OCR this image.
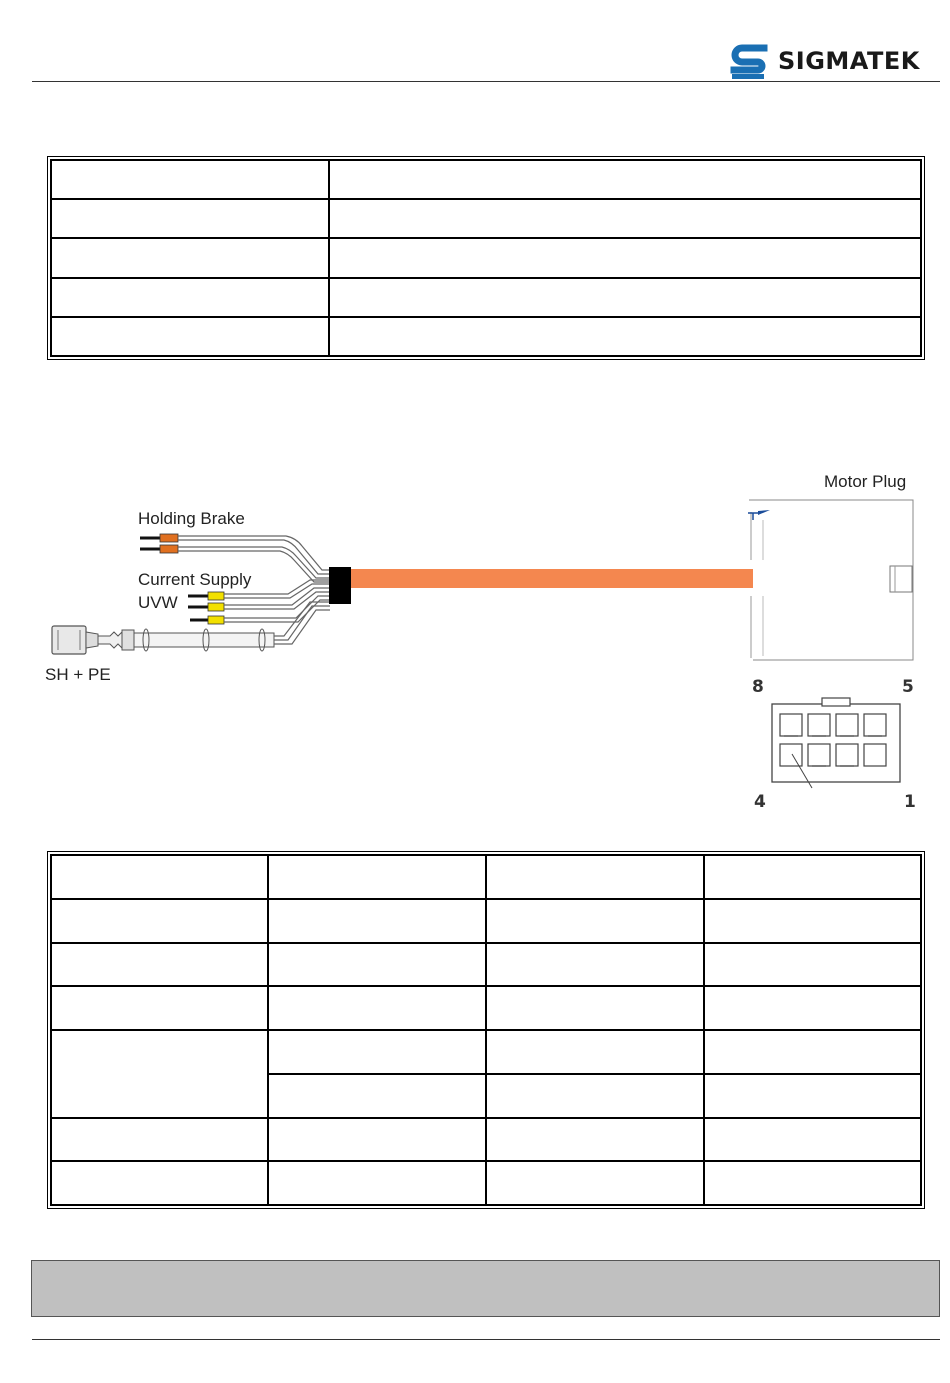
SIGMATEK

Holding Brake
Current Supply
UVW
SH + PE
Motor Plug
8	5
4	1
